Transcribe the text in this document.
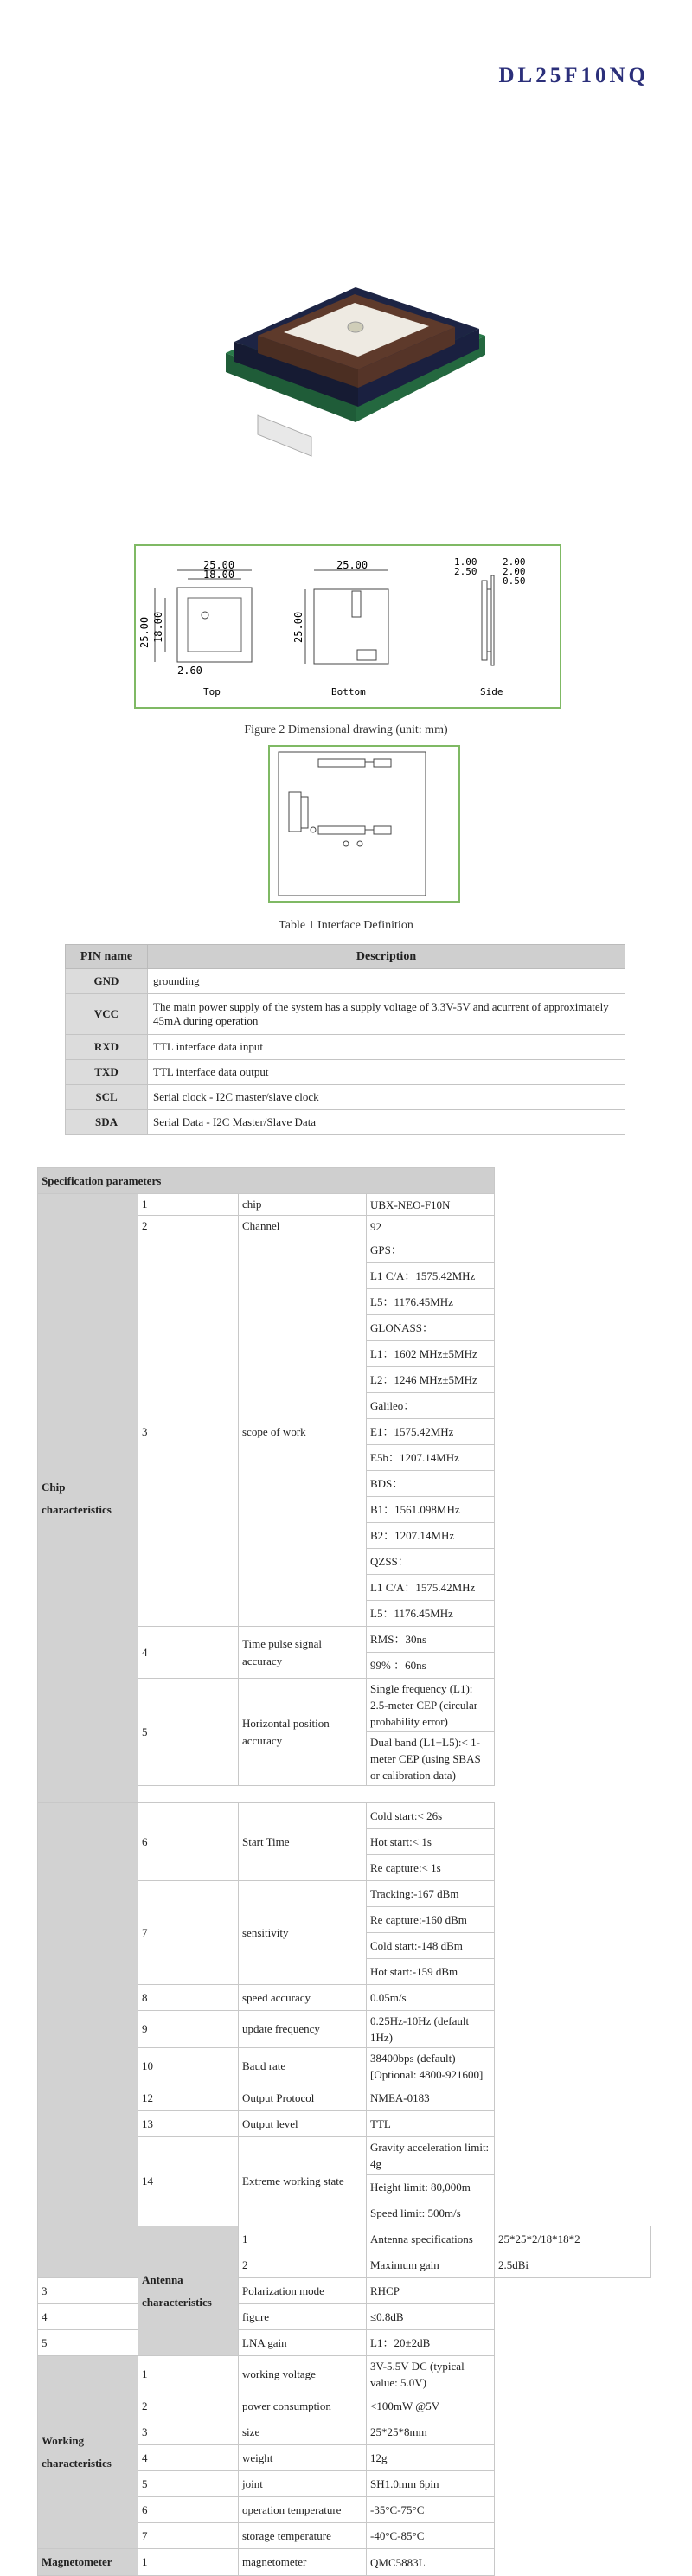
DL25F10NQ
25.00
18.00
25.00 18.00
2.60
Top
25.00
25.00
Bottom
1.00
2.50
2.00
2.00
0.50
Side
Figure 2 Dimensional drawing (unit: mm)
Table 1 Interface Definition
PIN name	Description
GND	grounding
VCC	The main power supply of the system has a supply voltage of 3.3V-5V and acurrent of approximately 45mA during operation
RXD	TTL interface data input
TXD	TTL interface data output
SCL	Serial clock - I2C master/slave clock
SDA	Serial Data - I2C Master/Slave Data
Specification parameters				
Chip characteristics	1	chip	UBX-NEO-F10N	
	2	Channel	92	
	3	scope of work	GPS：	
			L1 C/A：1575.42MHz	
			L5：1176.45MHz	
			GLONASS：	
			L1：1602 MHz±5MHz	
			L2：1246 MHz±5MHz	
			Galileo：	
			E1：1575.42MHz	
			E5b：1207.14MHz	
			BDS：	
			B1：1561.098MHz	
			B2：1207.14MHz	
			QZSS：	
			L1 C/A：1575.42MHz	
			L5：1176.45MHz	
	4	Time pulse signal accuracy	RMS：30ns	
			99% ：60ns	
	5	Horizontal position accuracy	Single frequency (L1): 2.5-meter CEP (circular probability error)	
			Dual band (L1+L5):< 1-meter CEP (using SBAS or calibration data)	

	6	Start Time	Cold start:< 26s	
			Hot start:< 1s	
			Re capture:< 1s	
	7	sensitivity	Tracking:-167 dBm	
			Re capture:-160 dBm	
			Cold start:-148 dBm	
			Hot start:-159 dBm	
	8	speed accuracy	0.05m/s	
	9	update frequency	0.25Hz-10Hz (default 1Hz)	
	10	Baud rate	38400bps (default) [Optional: 4800-921600]	
	12	Output Protocol	NMEA-0183	
	13	Output level	TTL	
	14	Extreme working state	Gravity acceleration limit: 4g	
			Height limit: 80,000m	
			Speed limit: 500m/s	
	Antenna characteristics	1	Antenna specifications	25*25*2/18*18*2
		2	Maximum gain	2.5dBi
3		Polarization mode	RHCP	
4		figure	≤0.8dB	
5		LNA gain	L1：20±2dB	
Working characteristics	1	working voltage	3V-5.5V DC (typical value: 5.0V)	
	2	power consumption	<100mW @5V	
	3	size	25*25*8mm	
	4	weight	12g	
	5	joint	SH1.0mm 6pin	
	6	operation temperature	-35°C-75°C	
	7	storage temperature	-40°C-85°C	
Magnetometer	1	magnetometer	QMC5883L	
